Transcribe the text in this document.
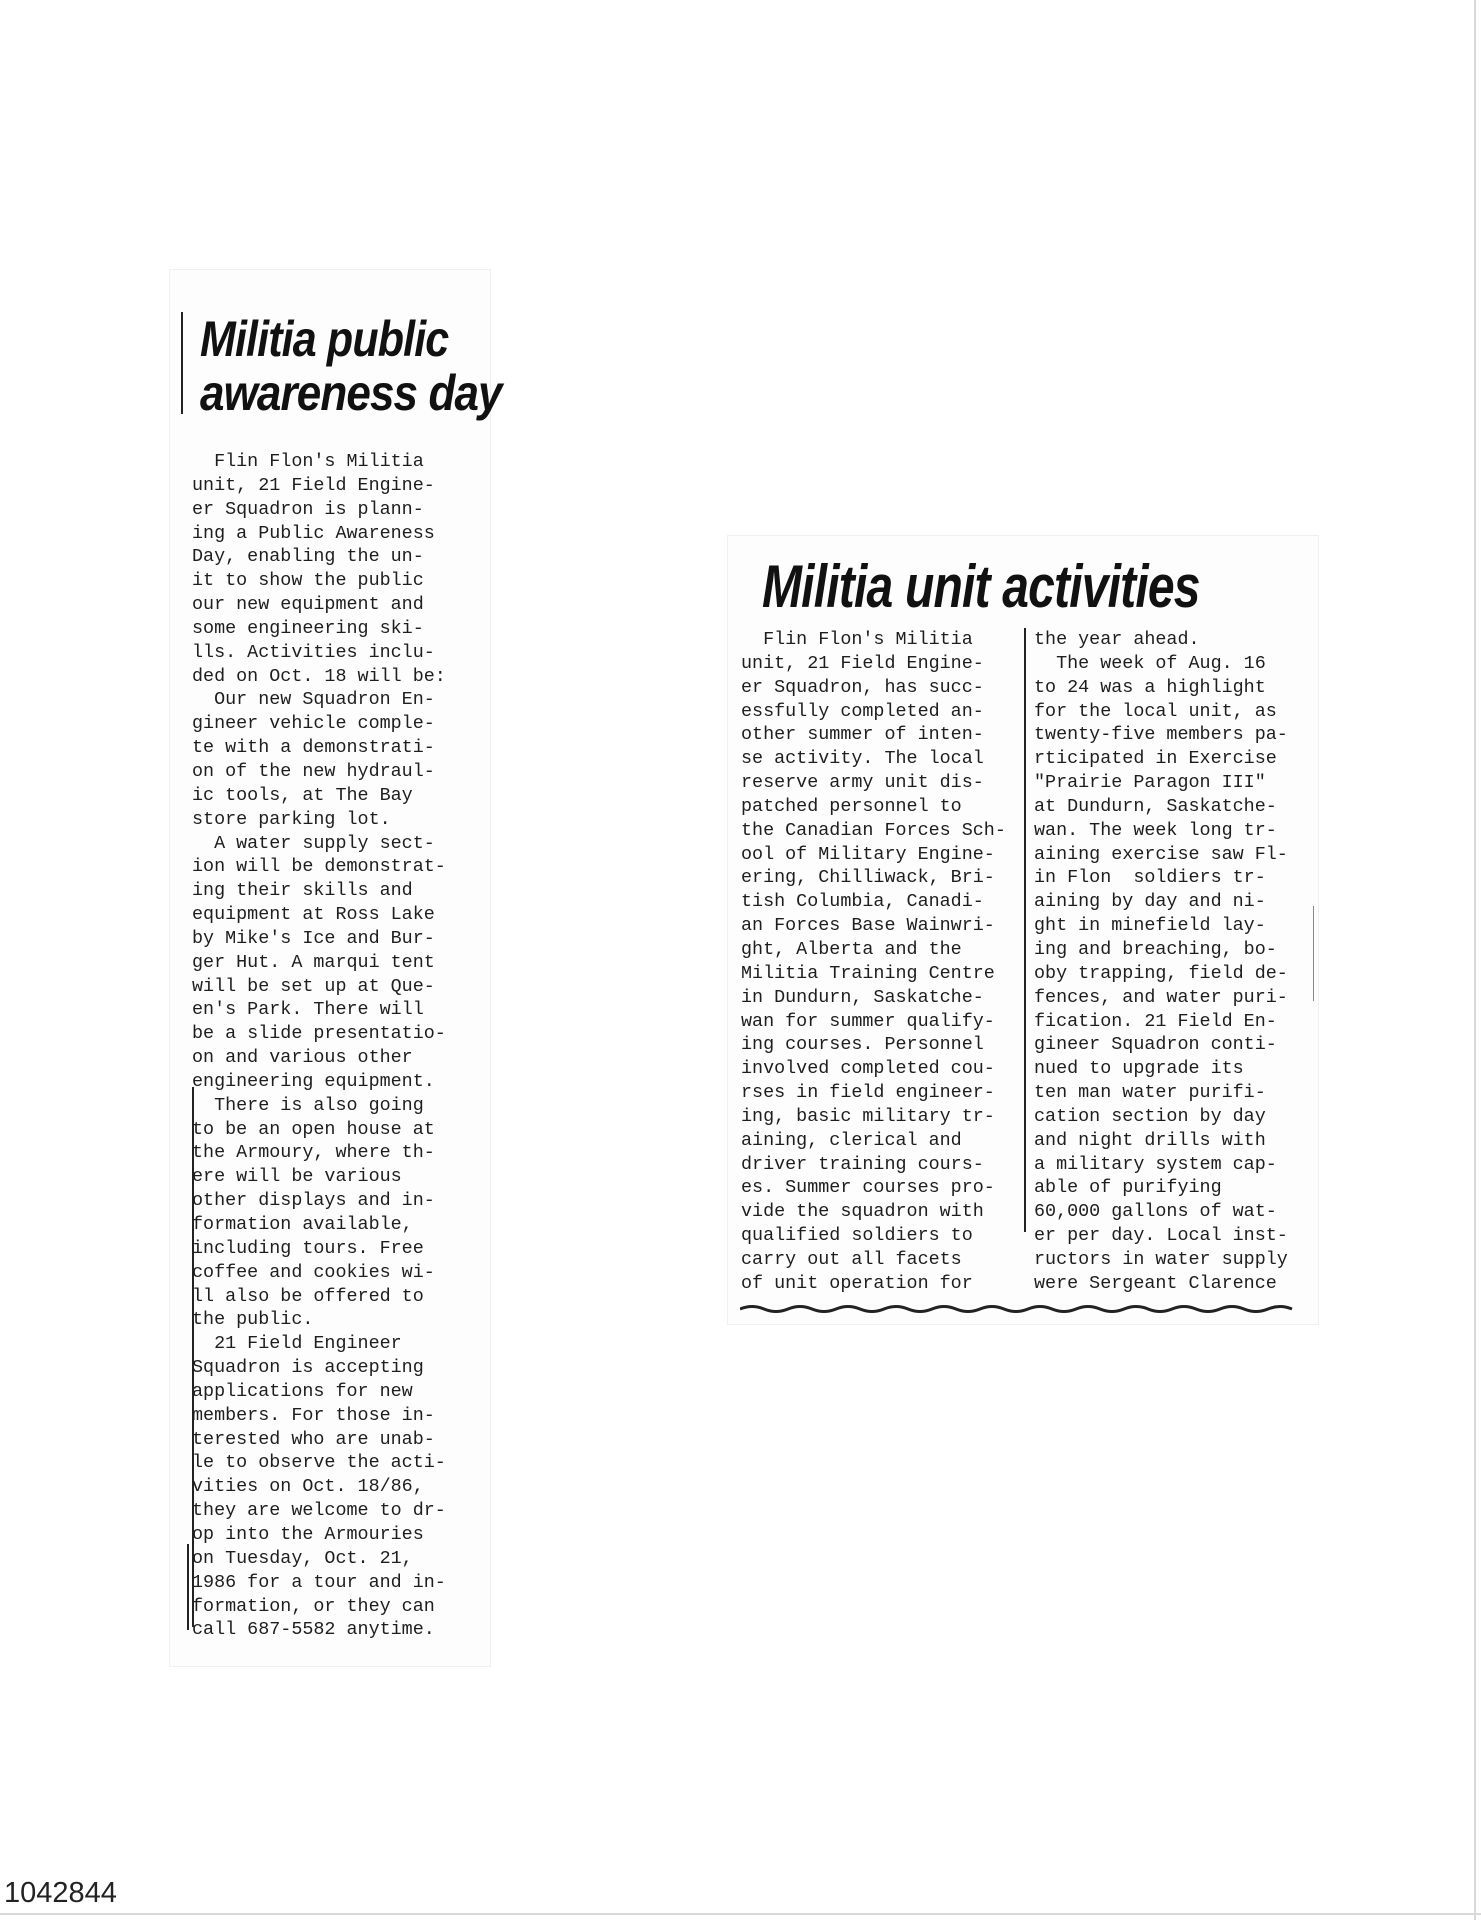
Militia public
awareness day
Flin Flon's Militia
unit, 21 Field Engine-
er Squadron is plann-
ing a Public Awareness
Day, enabling the un-
it to show the public
our new equipment and
some engineering ski-
lls. Activities inclu-
ded on Oct. 18 will be:
Our new Squadron En-
gineer vehicle comple-
te with a demonstrati-
on of the new hydraul-
ic tools, at The Bay
store parking lot.
A water supply sect-
ion will be demonstrat-
ing their skills and
equipment at Ross Lake
by Mike's Ice and Bur-
ger Hut. A marqui tent
will be set up at Que-
en's Park. There will
be a slide presentatio-
on and various other
engineering equipment.
There is also going
to be an open house at
the Armoury, where th-
ere will be various
other displays and in-
formation available,
including tours. Free
coffee and cookies wi-
ll also be offered to
the public.
21 Field Engineer
Squadron is accepting
applications for new
members. For those in-
terested who are unab-
le to observe the acti-
vities on Oct. 18/86,
they are welcome to dr-
op into the Armouries
on Tuesday, Oct. 21,
1986 for a tour and in-
formation, or they can
call 687-5582 anytime.
Militia unit activities
Flin Flon's Militia
unit, 21 Field Engine-
er Squadron, has succ-
essfully completed an-
other summer of inten-
se activity. The local
reserve army unit dis-
patched personnel to
the Canadian Forces Sch-
ool of Military Engine-
ering, Chilliwack, Bri-
tish Columbia, Canadi-
an Forces Base Wainwri-
ght, Alberta and the
Militia Training Centre
in Dundurn, Saskatche-
wan for summer qualify-
ing courses. Personnel
involved completed cou-
rses in field engineer-
ing, basic military tr-
aining, clerical and
driver training cours-
es. Summer courses pro-
vide the squadron with
qualified soldiers to
carry out all facets
of unit operation for
the year ahead.
The week of Aug. 16
to 24 was a highlight
for the local unit, as
twenty-five members pa-
rticipated in Exercise
"Prairie Paragon III"
at Dundurn, Saskatche-
wan. The week long tr-
aining exercise saw Fl-
in Flon  soldiers tr-
aining by day and ni-
ght in minefield lay-
ing and breaching, bo-
oby trapping, field de-
fences, and water puri-
fication. 21 Field En-
gineer Squadron conti-
nued to upgrade its
ten man water purifi-
cation section by day
and night drills with
a military system cap-
able of purifying
60,000 gallons of wat-
er per day. Local inst-
ructors in water supply
were Sergeant Clarence

1042844
